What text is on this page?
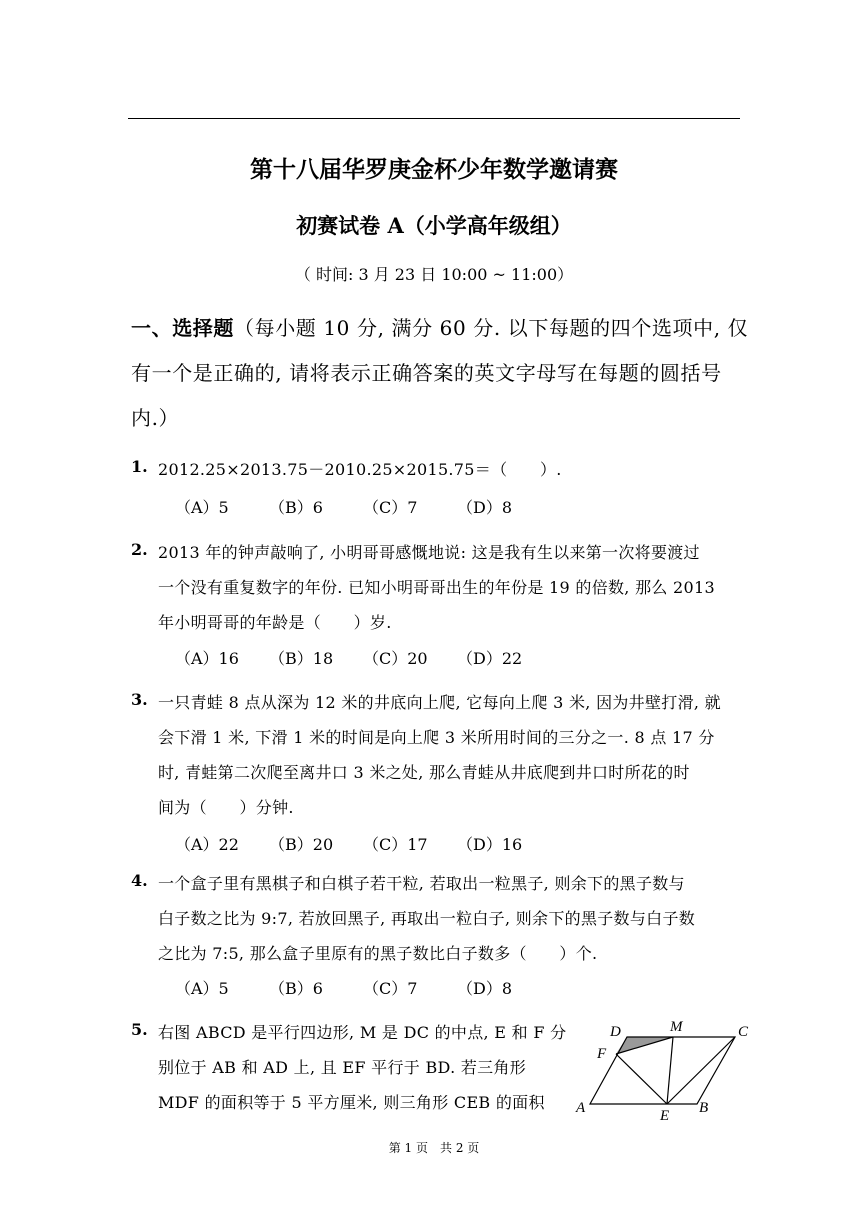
第十八届华罗庚金杯少年数学邀请赛
初赛试卷 A（小学高年级组）
（ 时间: 3 月 23 日 10:00 ~ 11:00）
一、选择题（每小题 10 分, 满分 60 分. 以下每题的四个选项中, 仅
有一个是正确的, 请将表示正确答案的英文字母写在每题的圆括号
内.）
1. 2012.25×2013.75－2010.25×2015.75＝（　　）.
（A）5	（B）6	（C）7 （D）8
2. 2013 年的钟声敲响了, 小明哥哥感慨地说: 这是我有生以来第一次将要渡过
一个没有重复数字的年份. 已知小明哥哥出生的年份是 19 的倍数, 那么 2013
年小明哥哥的年龄是（　　）岁.
（A）16 （B）18 （C）20 （D）22
3. 一只青蛙 8 点从深为 12 米的井底向上爬, 它每向上爬 3 米, 因为井壁打滑, 就
会下滑 1 米, 下滑 1 米的时间是向上爬 3 米所用时间的三分之一. 8 点 17 分
时, 青蛙第二次爬至离井口 3 米之处, 那么青蛙从井底爬到井口时所花的时
间为（　　）分钟.
（A）22 （B）20 （C）17 （D）16
4. 一个盒子里有黑棋子和白棋子若干粒, 若取出一粒黑子, 则余下的黑子数与
白子数之比为 9:7, 若放回黑子, 再取出一粒白子, 则余下的黑子数与白子数
之比为 7:5, 那么盒子里原有的黑子数比白子数多（　　）个.
（A）5	（B）6	（C）7 （D）8
5. 右图 ABCD 是平行四边形, M 是 DC 的中点, E 和 F 分
别位于 AB 和 AD 上, 且 EF 平行于 BD. 若三角形
MDF 的面积等于 5 平方厘米, 则三角形 CEB 的面积
D	M	C
F
A	E B
第 1 页　共 2 页
